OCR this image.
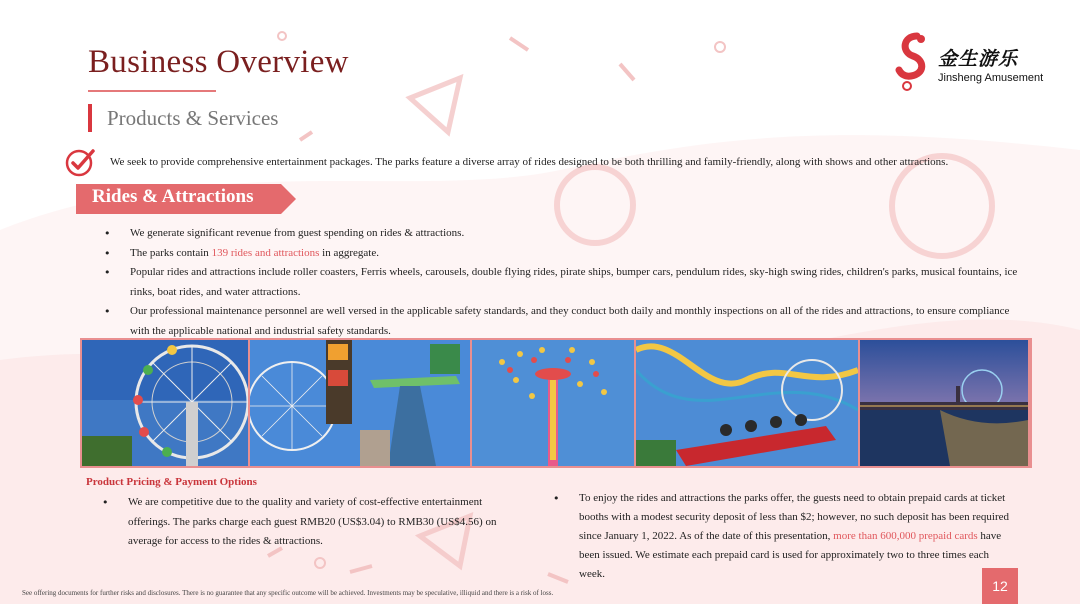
Business Overview
Products & Services
金生游乐
Jinsheng Amusement
We seek to provide comprehensive entertainment packages. The parks feature a diverse array of rides designed to be both thrilling and family-friendly, along with shows and other attractions.
Rides & Attractions
• We generate significant revenue from guest spending on rides & attractions.
• The parks contain 139 rides and attractions in aggregate.
• Popular rides and attractions include roller coasters, Ferris wheels, carousels, double flying rides, pirate ships, bumper cars, pendulum rides, sky-high swing rides, children's parks, musical fountains, ice rinks, boat rides, and water attractions.
• Our professional maintenance personnel are well versed in the applicable safety standards, and they conduct both daily and monthly inspections on all of the rides and attractions, to ensure compliance with the applicable national and industrial safety standards.
Product Pricing & Payment Options
• We are competitive due to the quality and variety of cost-effective entertainment offerings. The parks charge each guest RMB20 (US$3.04) to RMB30 (US$4.56) on average for access to the rides & attractions.
• To enjoy the rides and attractions the parks offer, the guests need to obtain prepaid cards at ticket booths with a modest security deposit of less than $2; however, no such deposit has been required since January 1, 2022. As of the date of this presentation, more than 600,000 prepaid cards have been issued. We estimate each prepaid card is used for approximately two to three times each week.
See offering documents for further risks and disclosures. There is no guarantee that any specific outcome will be achieved. Investments may be speculative, illiquid and there is a risk of loss.	12
